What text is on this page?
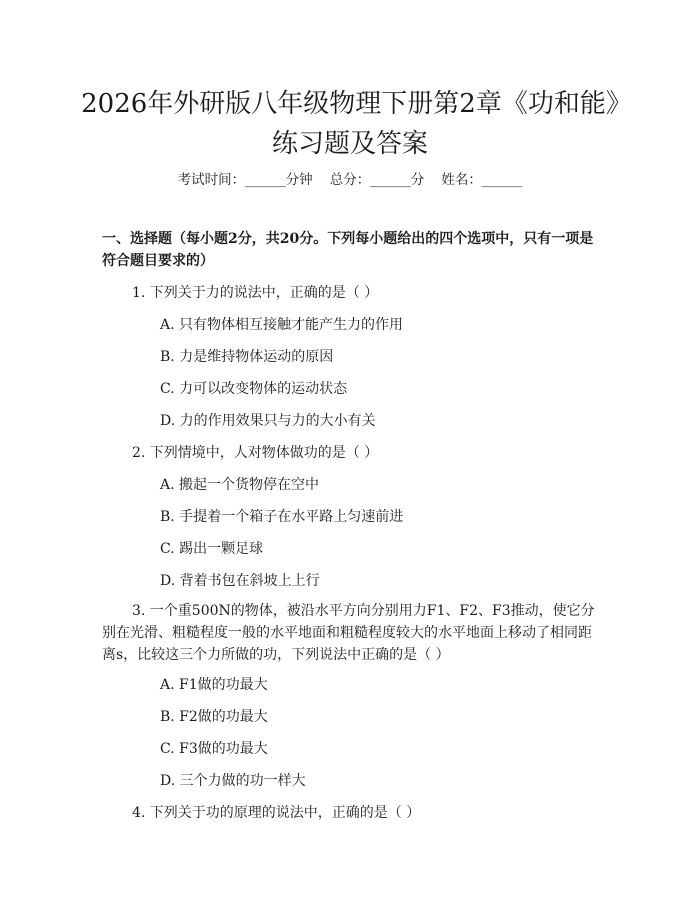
2026年外研版八年级物理下册第2章《功和能》练习题及答案
考试时间：______分钟    总分：______分    姓名：______
一、选择题（每小题2分，共20分。下列每小题给出的四个选项中，只有一项是符合题目要求的）
1. 下列关于力的说法中，正确的是（ ）
A. 只有物体相互接触才能产生力的作用
B. 力是维持物体运动的原因
C. 力可以改变物体的运动状态
D. 力的作用效果只与力的大小有关
2. 下列情境中，人对物体做功的是（ ）
A. 搬起一个货物停在空中
B. 手提着一个箱子在水平路上匀速前进
C. 踢出一颗足球
D. 背着书包在斜坡上上行
3. 一个重500N的物体，被沿水平方向分别用力F1、F2、F3推动，使它分别在光滑、粗糙程度一般的水平地面和粗糙程度较大的水平地面上移动了相同距离s，比较这三个力所做的功，下列说法中正确的是（ ）
A. F1做的功最大
B. F2做的功最大
C. F3做的功最大
D. 三个力做的功一样大
4. 下列关于功的原理的说法中，正确的是（ ）
